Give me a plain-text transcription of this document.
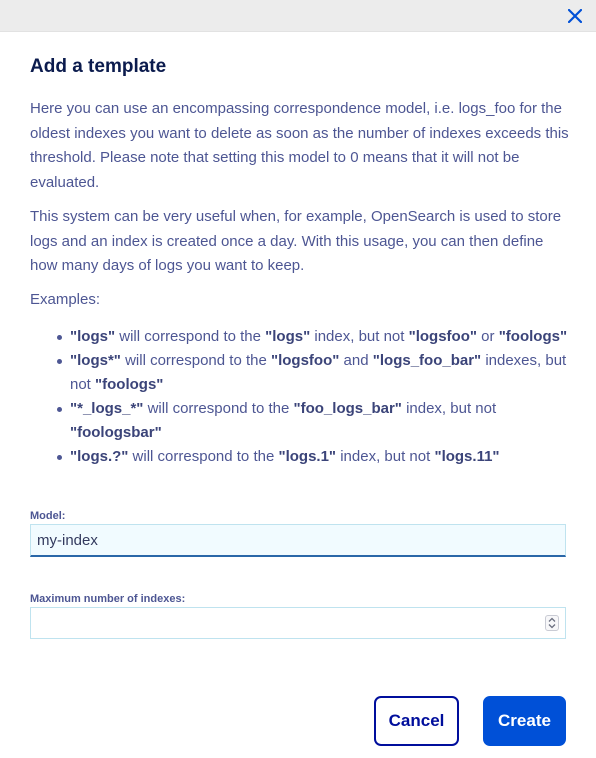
Add a template

Here you can use an encompassing correspondence model, i.e. logs_foo for the oldest indexes you want to delete as soon as the number of indexes exceeds this threshold. Please note that setting this model to 0 means that it will not be evaluated.

This system can be very useful when, for example, OpenSearch is used to store logs and an index is created once a day. With this usage, you can then define how many days of logs you want to keep.

Examples:

"logs" will correspond to the "logs" index, but not "logsfoo" or "foologs"
"logs*" will correspond to the "logsfoo" and "logs_foo_bar" indexes, but not "foologs"
"*_logs_*" will correspond to the "foo_logs_bar" index, but not "foologsbar"
"logs.?" will correspond to the "logs.1" index, but not "logs.11"
Model:
my-index
Maximum number of indexes:
Cancel	Create
